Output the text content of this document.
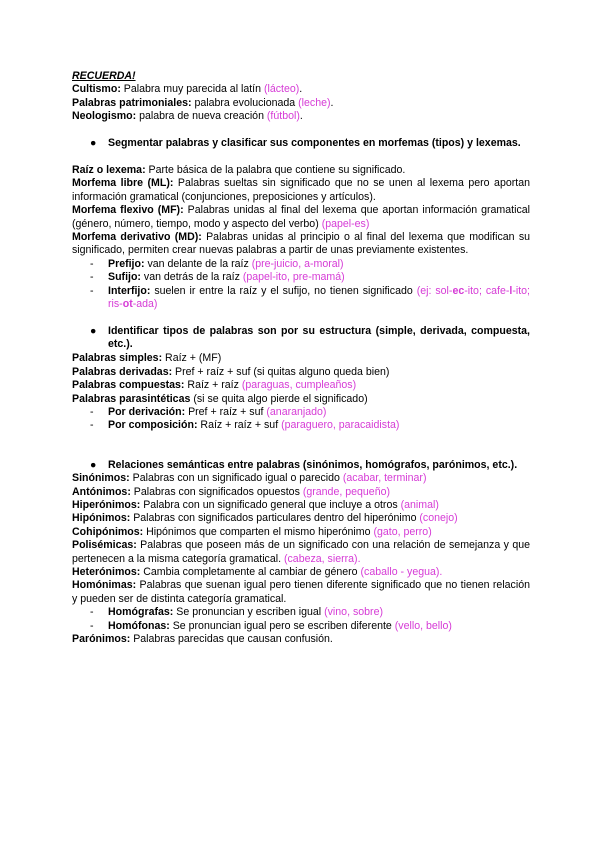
RECUERDA!

Cultismo: Palabra muy parecida al latín (lácteo).

Palabras patrimoniales: palabra evolucionada (leche).

Neologismo: palabra de nueva creación (fútbol).

● Segmentar palabras y clasificar sus componentes en morfemas (tipos) y lexemas.

Raíz o lexema: Parte básica de la palabra que contiene su significado.

Morfema libre (ML): Palabras sueltas sin significado que no se unen al lexema pero aportan información gramatical (conjunciones, preposiciones y artículos).

Morfema flexivo (MF): Palabras unidas al final del lexema que aportan información gramatical (género, número, tiempo, modo y aspecto del verbo) (papel-es)

Morfema derivativo (MD): Palabras unidas al principio o al final del lexema que modifican su significado, permiten crear nuevas palabras a partir de unas previamente existentes.

- Prefijo: van delante de la raíz (pre-juicio, a-moral)
- Sufijo: van detrás de la raíz (papel-ito, pre-mamá)
- Interfijo: suelen ir entre la raíz y el sufijo, no tienen significado (ej: sol-ec-ito; cafe-l-ito; ris-ot-ada)
● Identificar tipos de palabras son por su estructura (simple, derivada, compuesta, etc.).

Palabras simples: Raíz + (MF)

Palabras derivadas: Pref + raíz + suf (si quitas alguno queda bien)

Palabras compuestas: Raíz + raíz (paraguas, cumpleaños)

Palabras parasintéticas (si se quita algo pierde el significado)

- Por derivación: Pref + raíz + suf (anaranjado)
- Por composición: Raíz + raíz + suf (paraguero, paracaidista)
● Relaciones semánticas entre palabras (sinónimos, homógrafos, parónimos, etc.).

Sinónimos: Palabras con un significado igual o parecido (acabar, terminar)

Antónimos: Palabras con significados opuestos (grande, pequeño)

Hiperónimos: Palabra con un significado general que incluye a otros (animal)

Hipónimos: Palabras con significados particulares dentro del hiperónimo (conejo)

Cohipónimos: Hipónimos que comparten el mismo hiperónimo (gato, perro)

Polisémicas: Palabras que poseen más de un significado con una relación de semejanza y que pertenecen a la misma categoría gramatical. (cabeza, sierra).

Heterónimos: Cambia completamente al cambiar de género (caballo - yegua).

Homónimas: Palabras que suenan igual pero tienen diferente significado que no tienen relación y pueden ser de distinta categoría gramatical.

- Homógrafas: Se pronuncian y escriben igual (vino, sobre)
- Homófonas: Se pronuncian igual pero se escriben diferente (vello, bello)

Parónimos: Palabras parecidas que causan confusión.
